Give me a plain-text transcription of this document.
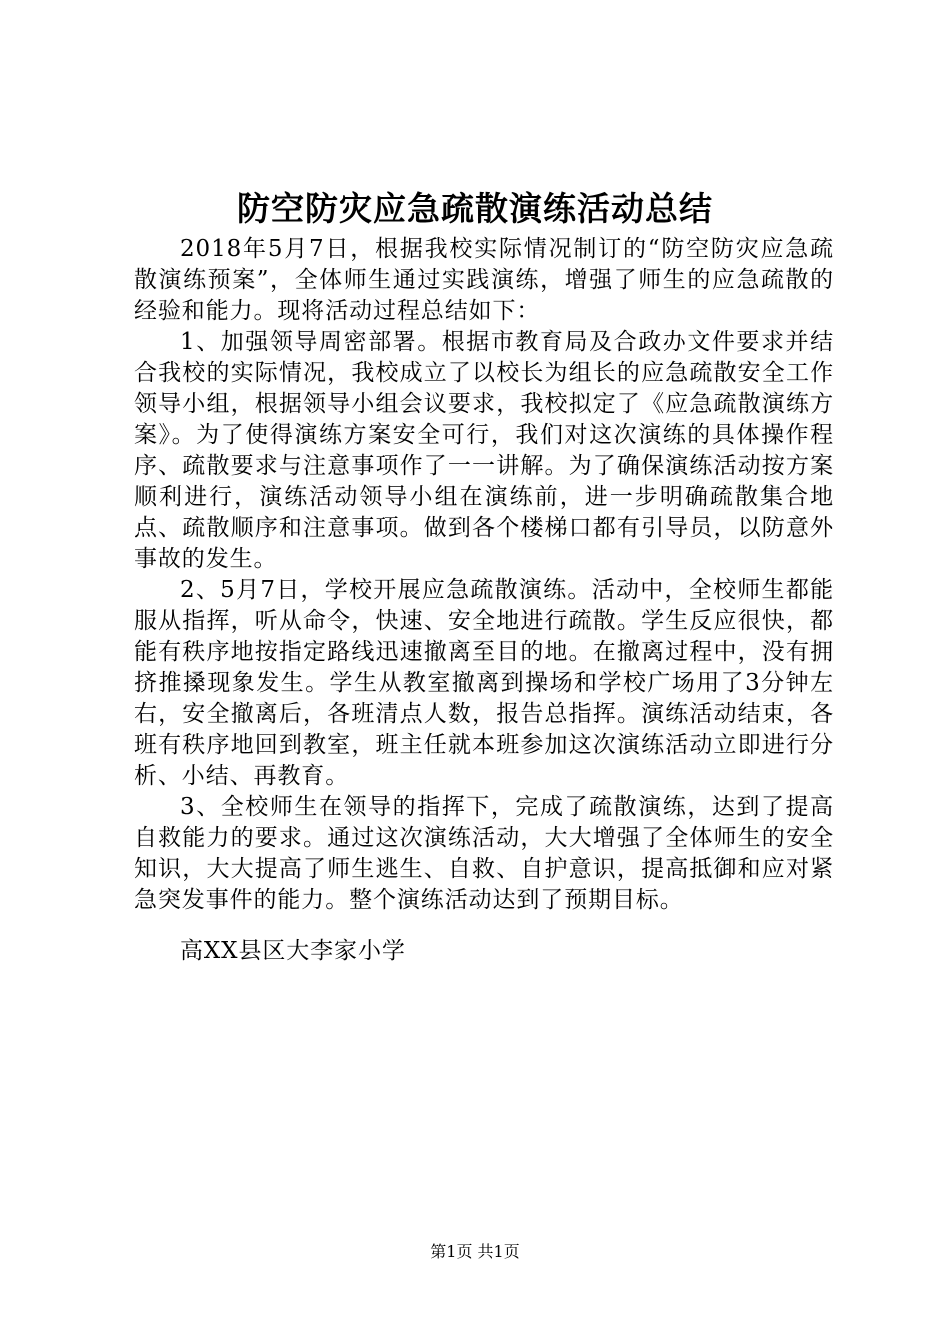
防空防灾应急疏散演练活动总结

2018年5月7日，根据我校实际情况制订的“防空防灾应急疏散演练预案”，全体师生通过实践演练，增强了师生的应急疏散的经验和能力。现将活动过程总结如下：

1、加强领导周密部署。根据市教育局及合政办文件要求并结合我校的实际情况，我校成立了以校长为组长的应急疏散安全工作领导小组，根据领导小组会议要求，我校拟定了《应急疏散演练方案》。为了使得演练方案安全可行，我们对这次演练的具体操作程序、疏散要求与注意事项作了一一讲解。为了确保演练活动按方案顺利进行，演练活动领导小组在演练前，进一步明确疏散集合地点、疏散顺序和注意事项。做到各个楼梯口都有引导员，以防意外事故的发生。

2、5月7日，学校开展应急疏散演练。活动中，全校师生都能服从指挥，听从命令，快速、安全地进行疏散。学生反应很快，都能有秩序地按指定路线迅速撤离至目的地。在撤离过程中，没有拥挤推搡现象发生。学生从教室撤离到操场和学校广场用了3分钟左右，安全撤离后，各班清点人数，报告总指挥。演练活动结束，各班有秩序地回到教室，班主任就本班参加这次演练活动立即进行分析、小结、再教育。

3、全校师生在领导的指挥下，完成了疏散演练，达到了提高自救能力的要求。通过这次演练活动，大大增强了全体师生的安全知识，大大提高了师生逃生、自救、自护意识，提高抵御和应对紧急突发事件的能力。整个演练活动达到了预期目标。

高XX县区大李家小学

第1页 共1页
